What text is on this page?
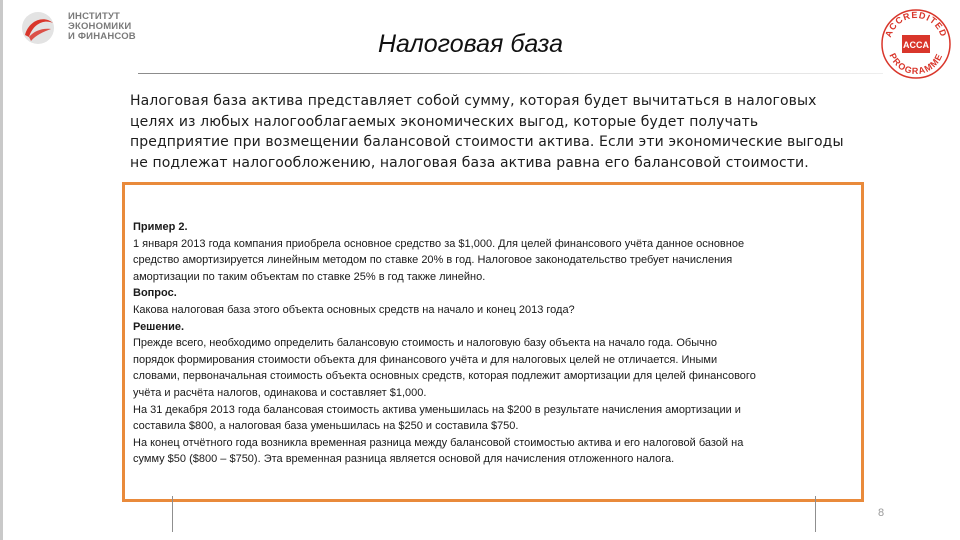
ИНСТИТУТ
ЭКОНОМИКИ
И ФИНАНСОВ	Налоговая база	ACCREDITED
PROGRAMME
ACCA
Налоговая база актива представляет собой сумму, которая будет вычитаться в налоговых
целях из любых налогооблагаемых экономических выгод, которые будет получать
предприятие при возмещении балансовой стоимости актива. Если эти экономические выгоды
не подлежат налогообложению, налоговая база актива равна его балансовой стоимости.
Пример 2.
1 января 2013 года компания приобрела основное средство за $1,000. Для целей финансового учёта данное основное
средство амортизируется линейным методом по ставке 20% в год. Налоговое законодательство требует начисления
амортизации по таким объектам по ставке 25% в год также линейно.
Вопрос.
Какова налоговая база этого объекта основных средств на начало и конец 2013 года?
Решение.
Прежде всего, необходимо определить балансовую стоимость и налоговую базу объекта на начало года. Обычно
порядок формирования стоимости объекта для финансового учёта и для налоговых целей не отличается. Иными
словами, первоначальная стоимость объекта основных средств, которая подлежит амортизации для целей финансового
учёта и расчёта налогов, одинакова и составляет $1,000.
На 31 декабря 2013 года балансовая стоимость актива уменьшилась на $200 в результате начисления амортизации и
составила $800, а налоговая база уменьшилась на $250 и составила $750.
На конец отчётного года возникла временная разница между балансовой стоимостью актива и его налоговой базой на
сумму $50 ($800 – $750). Эта временная разница является основой для начисления отложенного налога.
8
